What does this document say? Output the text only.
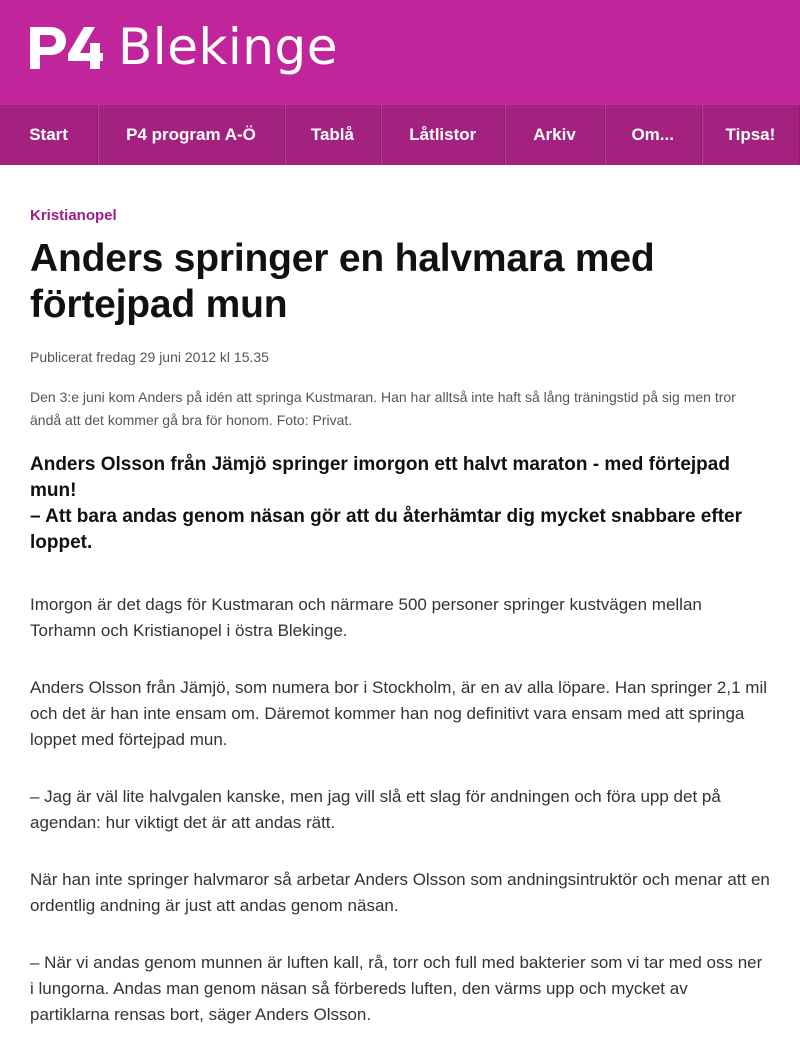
Blekinge
Start	P4 program A-Ö	Tablå	Låtlistor	Arkiv	Om...	Tipsa!
Kristianopel
Anders springer en halvmara med förtejpad mun
Publicerat fredag 29 juni 2012 kl 15.35
Den 3:e juni kom Anders på idén att springa Kustmaran. Han har alltså inte haft så lång träningstid på sig men tror ändå att det kommer gå bra för honom. Foto: Privat.
Anders Olsson från Jämjö springer imorgon ett halvt maraton - med förtejpad mun!
– Att bara andas genom näsan gör att du återhämtar dig mycket snabbare efter loppet.
Imorgon är det dags för Kustmaran och närmare 500 personer springer kustvägen mellan Torhamn och Kristianopel i östra Blekinge.
Anders Olsson från Jämjö, som numera bor i Stockholm, är en av alla löpare. Han springer 2,1 mil och det är han inte ensam om. Däremot kommer han nog definitivt vara ensam med att springa loppet med förtejpad mun.
– Jag är väl lite halvgalen kanske, men jag vill slå ett slag för andningen och föra upp det på agendan: hur viktigt det är att andas rätt.
När han inte springer halvmaror så arbetar Anders Olsson som andningsintruktör och menar att en ordentlig andning är just att andas genom näsan.
– När vi andas genom munnen är luften kall, rå, torr och full med bakterier som vi tar med oss ner i lungorna. Andas man genom näsan så förbereds luften, den värms upp och mycket av partiklarna rensas bort, säger Anders Olsson.
